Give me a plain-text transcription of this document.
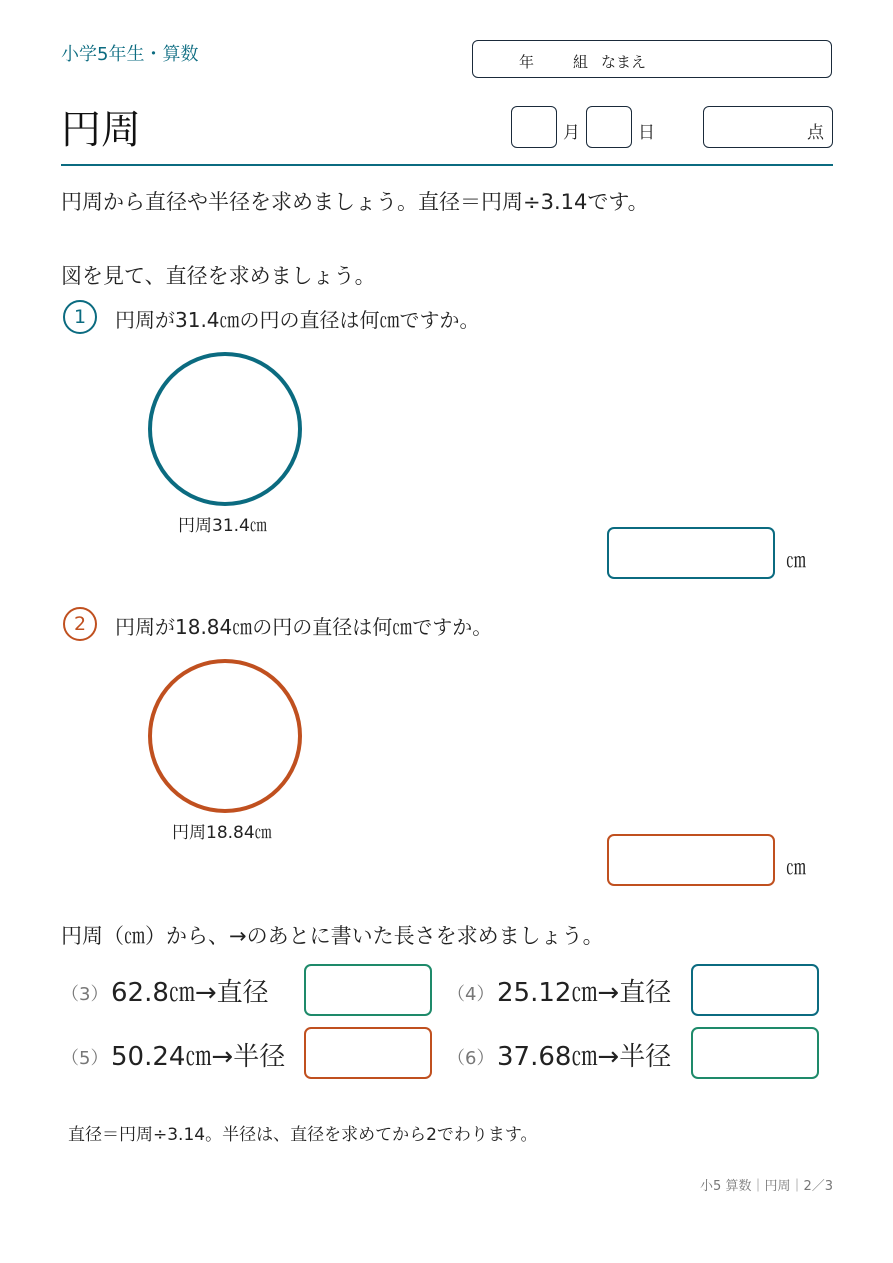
小学5年生・算数	年	組 なまえ
円周	月	日	点
円周から直径や半径を求めましょう。直径＝円周÷3.14です。
図を見て、直径を求めましょう。
1	円周が31.4㎝の円の直径は何㎝ですか。
円周31.4㎝
㎝
2	円周が18.84㎝の円の直径は何㎝ですか。
円周18.84㎝
㎝
円周（㎝）から、→のあとに書いた長さを求めましょう。
（3） 62.8㎝→直径	（4） 25.12㎝→直径
（5） 50.24㎝→半径	（6） 37.68㎝→半径
直径＝円周÷3.14。半径は、直径を求めてから2でわります。
小5 算数｜円周｜2／3
